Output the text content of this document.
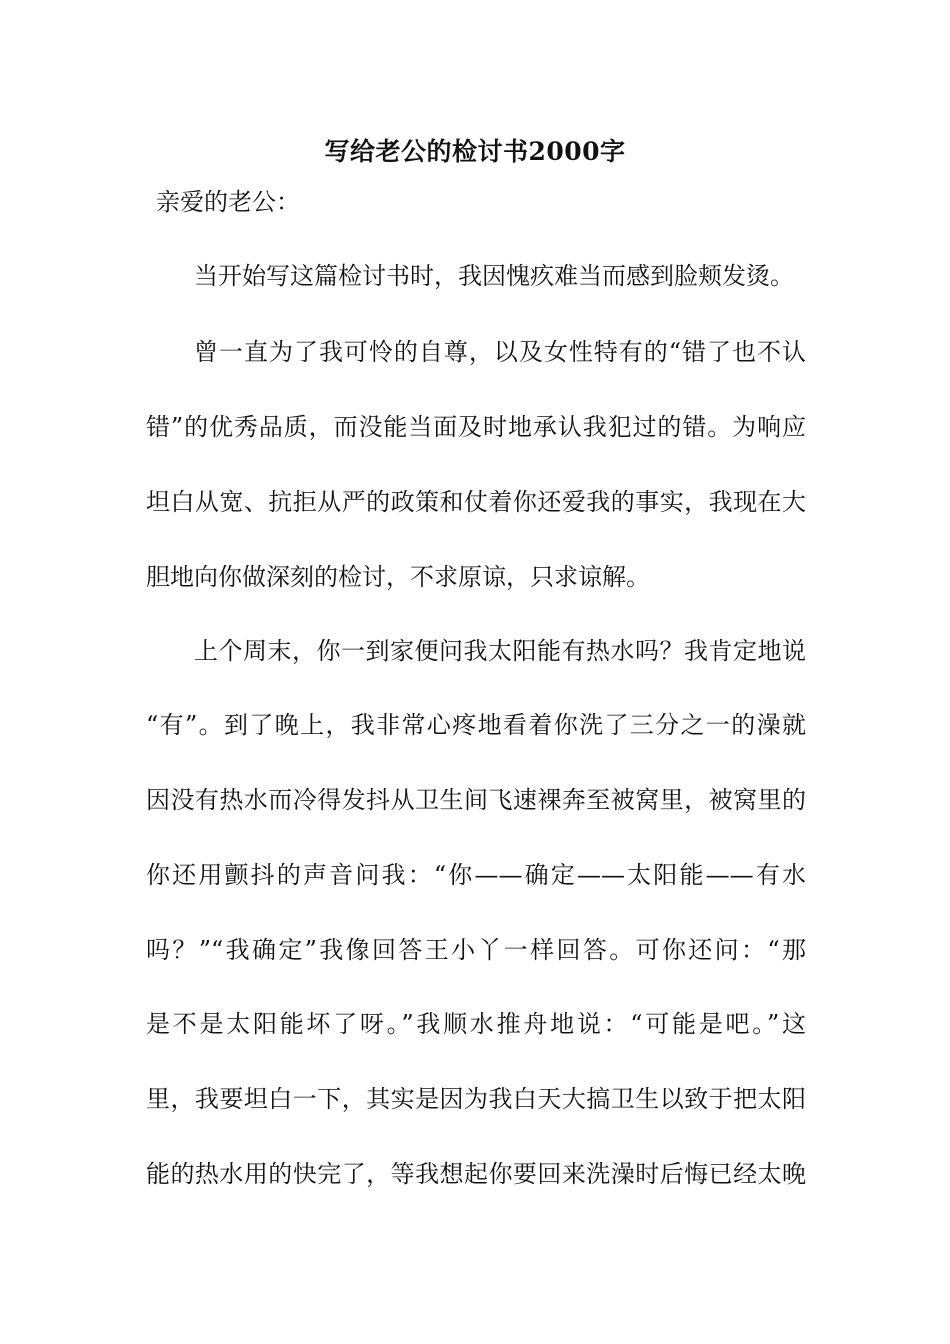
写给老公的检讨书2000字
亲爱的老公：
当开始写这篇检讨书时，我因愧疚难当而感到脸颊发烫。
曾一直为了我可怜的自尊，以及女性特有的“错了也不认
错”的优秀品质，而没能当面及时地承认我犯过的错。为响应
坦白从宽、抗拒从严的政策和仗着你还爱我的事实，我现在大
胆地向你做深刻的检讨，不求原谅，只求谅解。
上个周末，你一到家便问我太阳能有热水吗？我肯定地说
“有”。到了晚上，我非常心疼地看着你洗了三分之一的澡就
因没有热水而冷得发抖从卫生间飞速裸奔至被窝里，被窝里的
你还用颤抖的声音问我：“你——确定——太阳能——有水
吗？”“我确定”我像回答王小丫一样回答。可你还问：“那
是不是太阳能坏了呀。”我顺水推舟地说：“可能是吧。”这
里，我要坦白一下，其实是因为我白天大搞卫生以致于把太阳
能的热水用的快完了，等我想起你要回来洗澡时后悔已经太晚
